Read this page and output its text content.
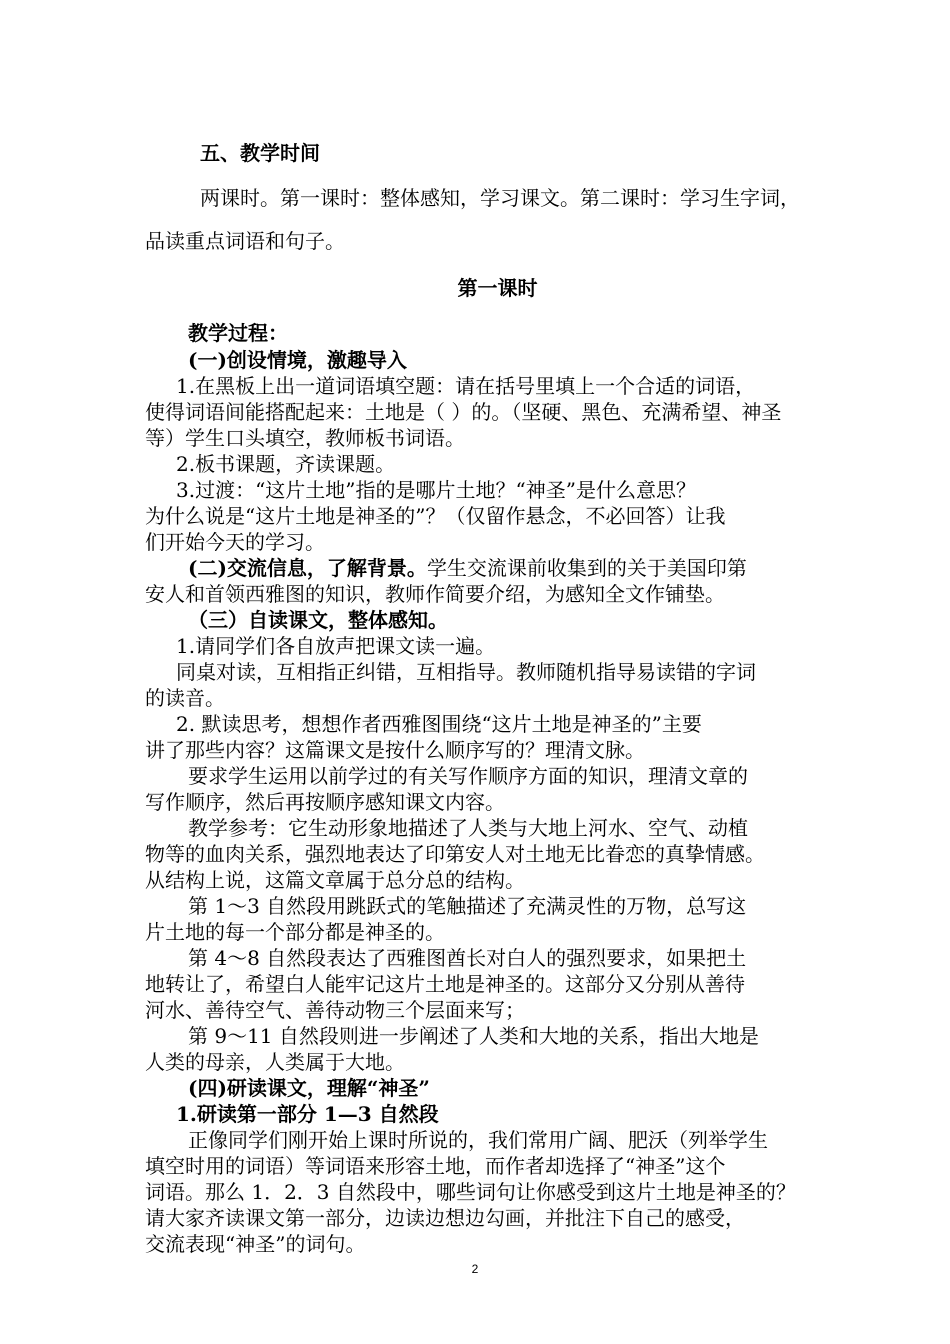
五、教学时间
两课时。第一课时：整体感知，学习课文。第二课时：学习生字词，
品读重点词语和句子。
第一课时
教学过程：
(一)创设情境，激趣导入
1.在黑板上出一道词语填空题：请在括号里填上一个合适的词语，
使得词语间能搭配起来：土地是（ ）的。（坚硬、黑色、充满希望、神圣
等）学生口头填空，教师板书词语。
2.板书课题，齐读课题。
3.过渡：“这片土地”指的是哪片土地？“神圣”是什么意思？
为什么说是“这片土地是神圣的”？（仅留作悬念，不必回答）让我
们开始今天的学习。
(二)交流信息，了解背景。学生交流课前收集到的关于美国印第
安人和首领西雅图的知识，教师作简要介绍，为感知全文作铺垫。
（三）自读课文，整体感知。
1.请同学们各自放声把课文读一遍。
同桌对读，互相指正纠错，互相指导。教师随机指导易读错的字词
的读音。
2. 默读思考，想想作者西雅图围绕“这片土地是神圣的”主要
讲了那些内容？这篇课文是按什么顺序写的？理清文脉。
要求学生运用以前学过的有关写作顺序方面的知识，理清文章的
写作顺序，然后再按顺序感知课文内容。
教学参考：它生动形象地描述了人类与大地上河水、空气、动植
物等的血肉关系，强烈地表达了印第安人对土地无比眷恋的真挚情感。
从结构上说，这篇文章属于总分总的结构。
第 1～3 自然段用跳跃式的笔触描述了充满灵性的万物，总写这
片土地的每一个部分都是神圣的。
第 4～8 自然段表达了西雅图酋长对白人的强烈要求，如果把土
地转让了，希望白人能牢记这片土地是神圣的。这部分又分别从善待
河水、善待空气、善待动物三个层面来写；
第 9～11 自然段则进一步阐述了人类和大地的关系，指出大地是
人类的母亲，人类属于大地。
(四)研读课文，理解“神圣”
1.研读第一部分 1—3 自然段
正像同学们刚开始上课时所说的，我们常用广阔、肥沃（列举学生
填空时用的词语）等词语来形容土地，而作者却选择了“神圣”这个
词语。那么 1．2．3 自然段中，哪些词句让你感受到这片土地是神圣的？
请大家齐读课文第一部分，边读边想边勾画，并批注下自己的感受，
交流表现“神圣”的词句。
2
